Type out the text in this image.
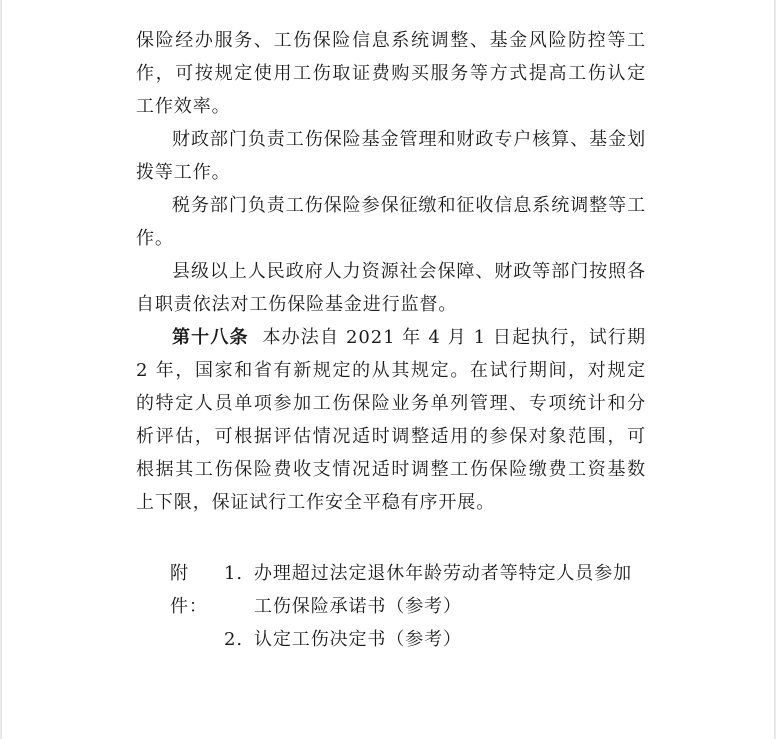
保险经办服务、工伤保险信息系统调整、基金风险防控等工作，可按规定使用工伤取证费购买服务等方式提高工伤认定工作效率。

财政部门负责工伤保险基金管理和财政专户核算、基金划拨等工作。

税务部门负责工伤保险参保征缴和征收信息系统调整等工作。

县级以上人民政府人力资源社会保障、财政等部门按照各自职责依法对工伤保险基金进行监督。

第十八条 本办法自 2021 年 4 月 1 日起执行，试行期 2 年，国家和省有新规定的从其规定。在试行期间，对规定的特定人员单项参加工伤保险业务单列管理、专项统计和分析评估，可根据评估情况适时调整适用的参保对象范围，可根据其工伤保险费收支情况适时调整工伤保险缴费工资基数上下限，保证试行工作安全平稳有序开展。

附件：
1. 办理超过法定退休年龄劳动者等特定人员参加工伤保险承诺书（参考）
2. 认定工伤决定书（参考）
